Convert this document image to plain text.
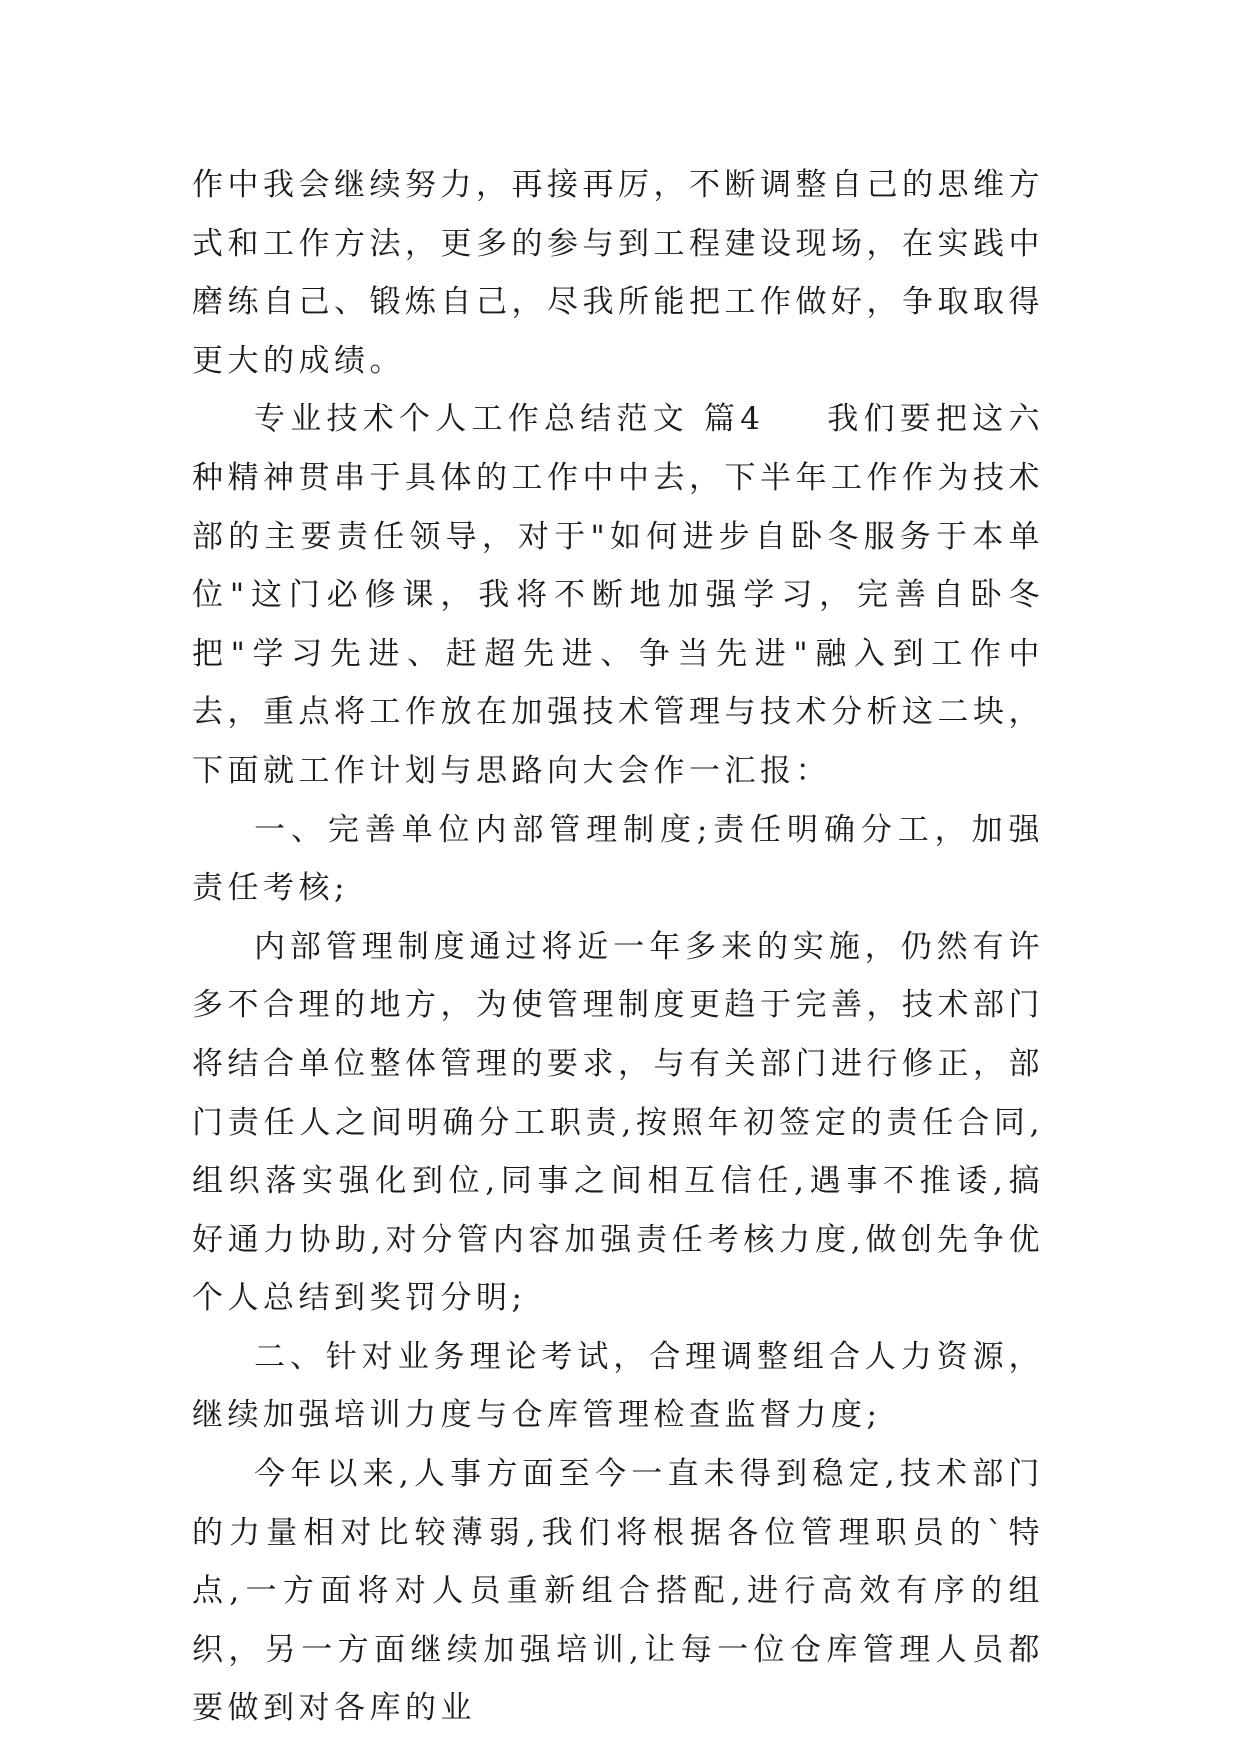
作中我会继续努力，再接再厉，不断调整自己的思维方式和工作方法，更多的参与到工程建设现场，在实践中磨练自己、锻炼自己，尽我所能把工作做好，争取取得更大的成绩。

专业技术个人工作总结范文 篇4 我们要把这六种精神贯串于具体的工作中中去，下半年工作作为技术部的主要责任领导，对于"如何进步自卧冬服务于本单位"这门必修课，我将不断地加强学习，完善自卧冬把"学习先进、赶超先进、争当先进"融入到工作中去，重点将工作放在加强技术管理与技术分析这二块，下面就工作计划与思路向大会作一汇报：

一、完善单位内部管理制度;责任明确分工，加强责任考核;

内部管理制度通过将近一年多来的实施，仍然有许多不合理的地方，为使管理制度更趋于完善，技术部门将结合单位整体管理的要求，与有关部门进行修正，部门责任人之间明确分工职责,按照年初签定的责任合同,组织落实强化到位,同事之间相互信任,遇事不推诿,搞好通力协助,对分管内容加强责任考核力度,做创先争优个人总结到奖罚分明;

二、针对业务理论考试，合理调整组合人力资源，继续加强培训力度与仓库管理检查监督力度;

今年以来,人事方面至今一直未得到稳定,技术部门的力量相对比较薄弱,我们将根据各位管理职员的`特点,一方面将对人员重新组合搭配,进行高效有序的组织，另一方面继续加强培训,让每一位仓库管理人员都要做到对各库的业
